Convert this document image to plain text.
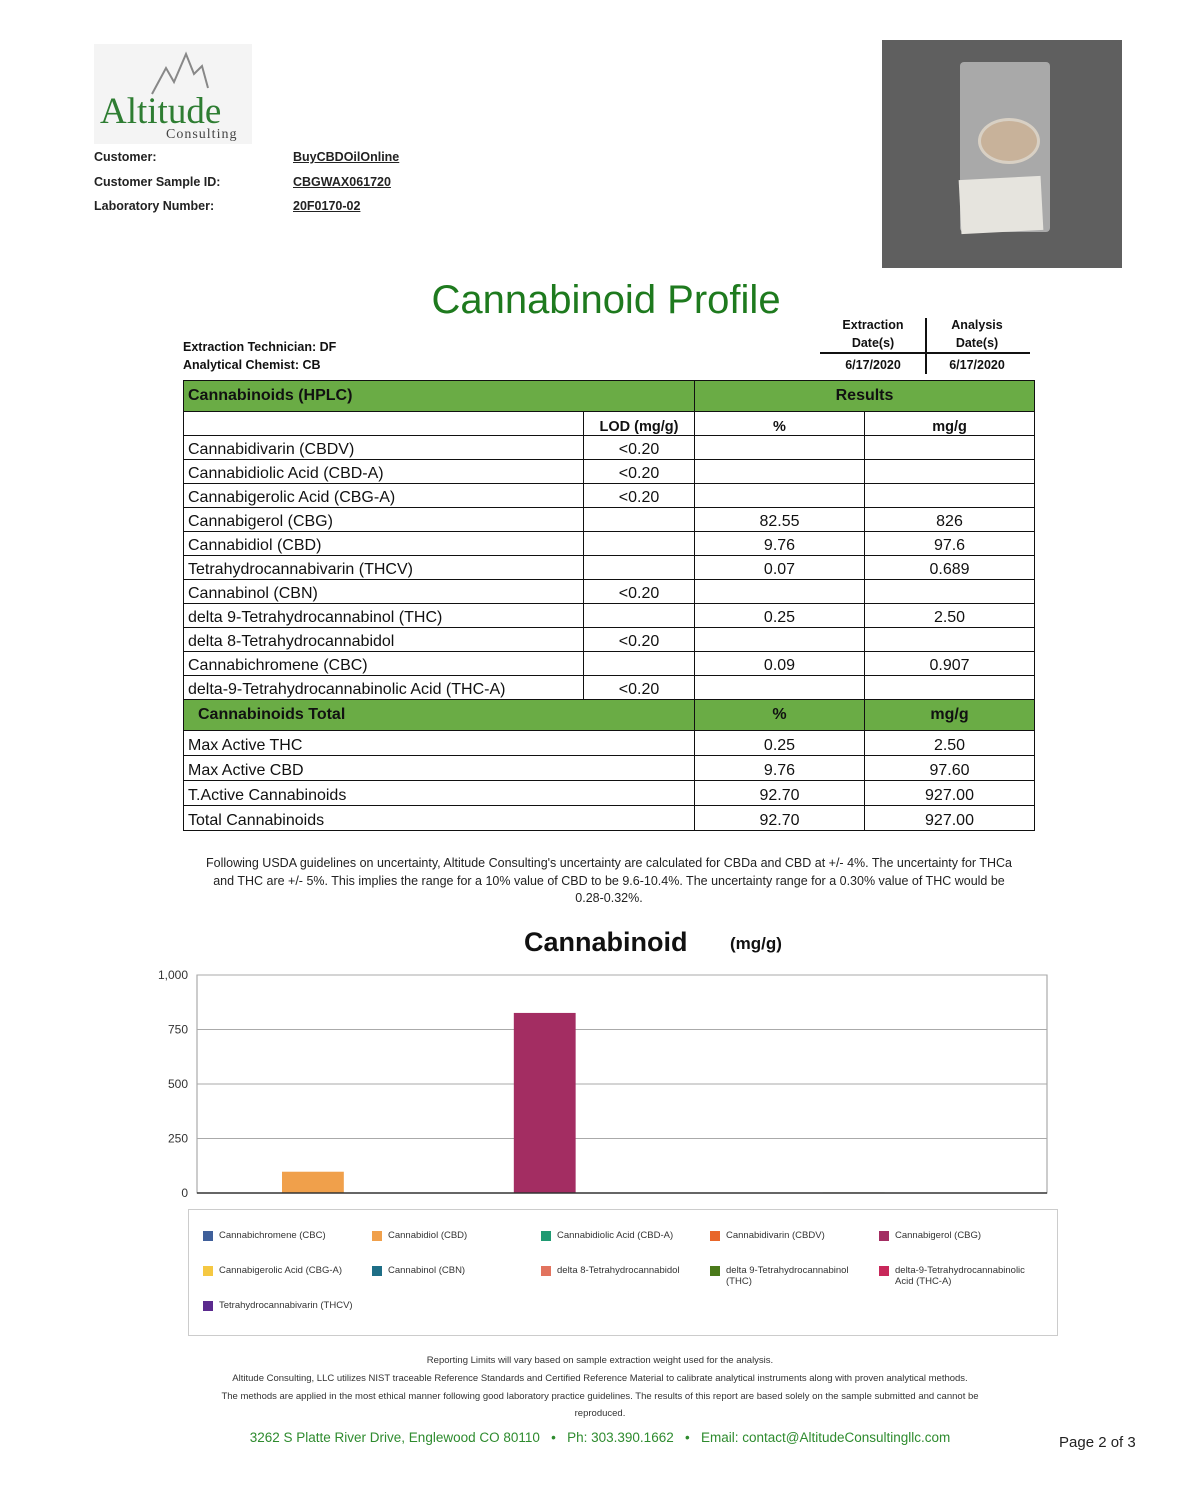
Altitude
Consulting
Customer:	BuyCBDOilOnline
Customer Sample ID:	CBGWAX061720
Laboratory Number:	20F0170-02
Cannabinoid Profile
Extraction Technician: DF
Analytical Chemist: CB
Extraction
Date(s)
Analysis
Date(s)
6/17/2020	6/17/2020
Cannabinoids (HPLC)		Results	
	LOD (mg/g)	%	mg/g
Cannabidivarin (CBDV)	<0.20		
Cannabidiolic Acid (CBD-A)	<0.20		
Cannabigerolic Acid (CBG-A)	<0.20		
Cannabigerol (CBG)		82.55	826
Cannabidiol (CBD)		9.76	97.6
Tetrahydrocannabivarin (THCV)		0.07	0.689
Cannabinol (CBN)	<0.20		
delta 9-Tetrahydrocannabinol (THC)		0.25	2.50
delta 8-Tetrahydrocannabidol	<0.20		
Cannabichromene (CBC)		0.09	0.907
delta-9-Tetrahydrocannabinolic Acid (THC-A)	<0.20		
Cannabinoids Total		%	mg/g
Max Active THC		0.25	2.50
Max Active CBD		9.76	97.60
T.Active Cannabinoids		92.70	927.00
Total Cannabinoids		92.70	927.00
Following USDA guidelines on uncertainty, Altitude Consulting's uncertainty are calculated for CBDa and CBD at +/- 4%. The uncertainty for THCa and THC are +/- 5%. This implies the range for a 10% value of CBD to be 9.6-10.4%. The uncertainty range for a 0.30% value of THC would be 0.28-0.32%.
Cannabinoid	(mg/g)
1,000
750
500
250
0
Cannabichromene (CBC)	Cannabidiol (CBD)	Cannabidiolic Acid (CBD-A)	Cannabidivarin (CBDV)	Cannabigerol (CBG)
Cannabigerolic Acid (CBG-A)	Cannabinol (CBN)	delta 8-Tetrahydrocannabidol	delta 9-Tetrahydrocannabinol (THC)
delta-9-Tetrahydrocannabinolic Acid (THC-A)
Tetrahydrocannabivarin (THCV)
Reporting Limits will vary based on sample extraction weight used for the analysis.
Altitude Consulting, LLC utilizes NIST traceable Reference Standards and Certified Reference Material to calibrate analytical instruments along with proven analytical methods.
The methods are applied in the most ethical manner following good laboratory practice guidelines. The results of this report are based solely on the sample submitted and cannot be
reproduced.
3262 S Platte River Drive, Englewood CO 80110   •   Ph: 303.390.1662   •   Email: contact@AltitudeConsultingllc.com	Page 2 of 3
